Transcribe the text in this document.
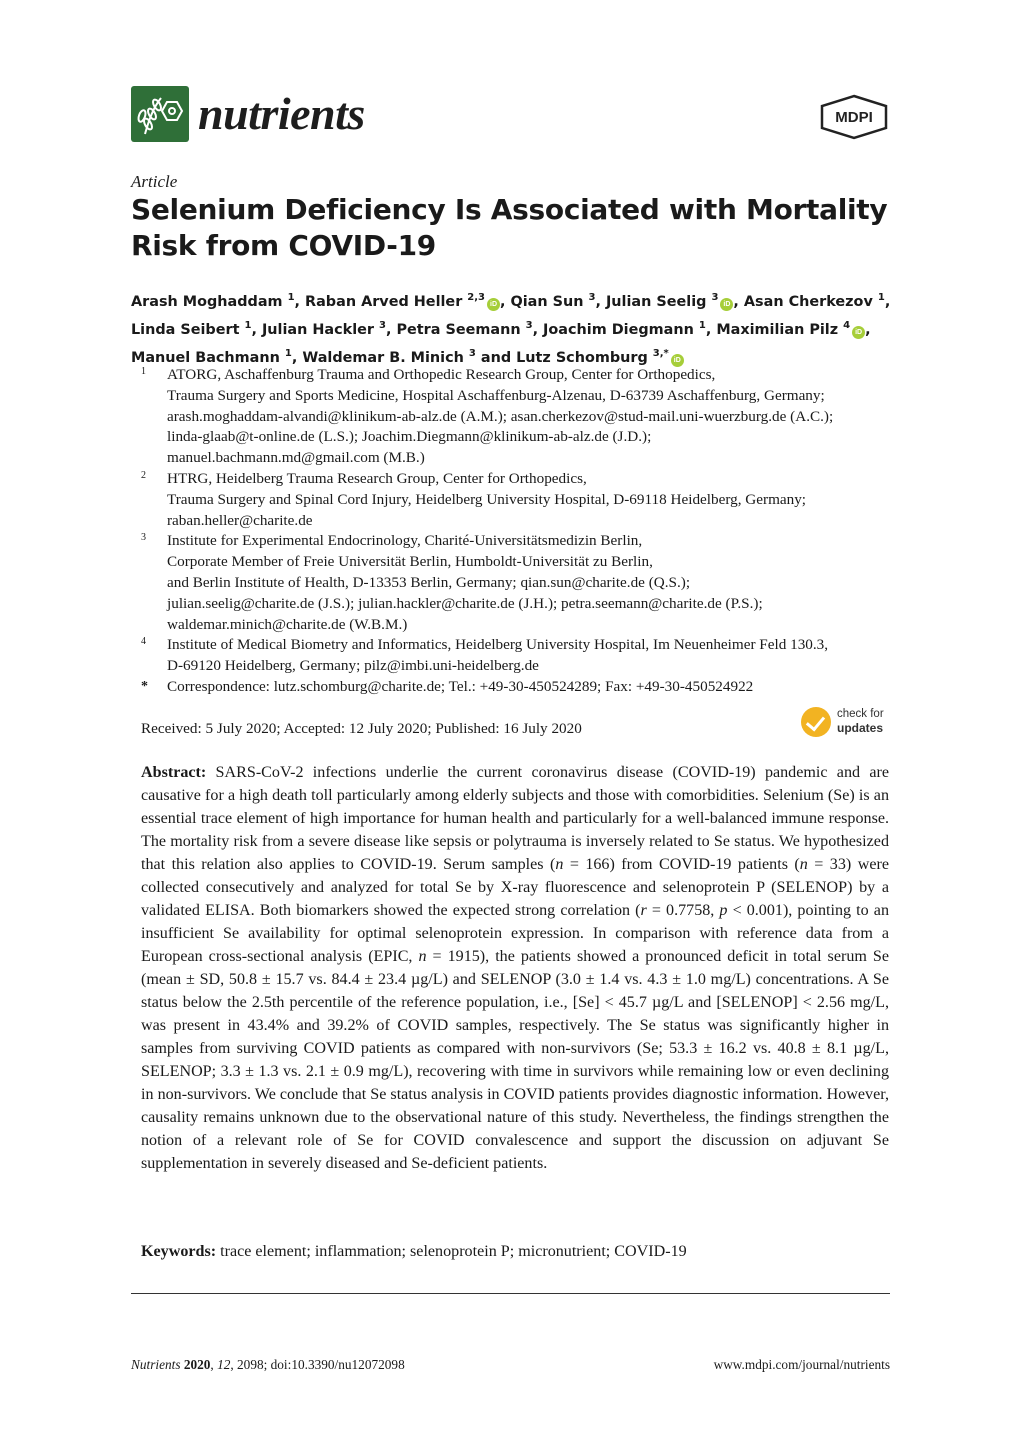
nutrients	MDPI
Article
Selenium Deficiency Is Associated with Mortality
Risk from COVID-19
Arash Moghaddam $^1$, Raban Arved Heller $^{2,3}$iD , Qian Sun $^3$, Julian Seelig $^3$iD , Asan Cherkezov $^1$,
Linda Seibert $^1$, Julian Hackler $^3$, Petra Seemann $^3$, Joachim Diegmann $^1$, Maximilian Pilz $^4$iD ,
Manuel Bachmann $^1$, Waldemar B. Minich $^3$ and Lutz Schomburg $^{3,*}$iD
1 ATORG, Aschaffenburg Trauma and Orthopedic Research Group, Center for Orthopedics,
Trauma Surgery and Sports Medicine, Hospital Aschaffenburg-Alzenau, D-63739 Aschaffenburg, Germany;
arash.moghaddam-alvandi@klinikum-ab-alz.de (A.M.); asan.cherkezov@stud-mail.uni-wuerzburg.de (A.C.);
linda-glaab@t-online.de (L.S.); Joachim.Diegmann@klinikum-ab-alz.de (J.D.);
manuel.bachmann.md@gmail.com (M.B.)
2 HTRG, Heidelberg Trauma Research Group, Center for Orthopedics,
Trauma Surgery and Spinal Cord Injury, Heidelberg University Hospital, D-69118 Heidelberg, Germany;
raban.heller@charite.de
3 Institute for Experimental Endocrinology, Charité-Universitätsmedizin Berlin,
Corporate Member of Freie Universität Berlin, Humboldt-Universität zu Berlin,
and Berlin Institute of Health, D-13353 Berlin, Germany; qian.sun@charite.de (Q.S.);
julian.seelig@charite.de (J.S.); julian.hackler@charite.de (J.H.); petra.seemann@charite.de (P.S.);
waldemar.minich@charite.de (W.B.M.)
4 Institute of Medical Biometry and Informatics, Heidelberg University Hospital, Im Neuenheimer Feld 130.3,
D-69120 Heidelberg, Germany; pilz@imbi.uni-heidelberg.de
* Correspondence: lutz.schomburg@charite.de; Tel.: +49-30-450524289; Fax: +49-30-450524922
Received: 5 July 2020; Accepted: 12 July 2020; Published: 16 July 2020
check for
updates

Abstract: SARS-CoV-2 infections underlie the current coronavirus disease (COVID-19) pandemic and are causative for a high death toll particularly among elderly subjects and those with comorbidities. Selenium (Se) is an essential trace element of high importance for human health and particularly for a well-balanced immune response. The mortality risk from a severe disease like sepsis or polytrauma is inversely related to Se status. We hypothesized that this relation also applies to COVID-19. Serum samples (n = 166) from COVID-19 patients (n = 33) were collected consecutively and analyzed for total Se by X-ray fluorescence and selenoprotein P (SELENOP) by a validated ELISA. Both biomarkers showed the expected strong correlation (r = 0.7758, p < 0.001), pointing to an insufficient Se availability for optimal selenoprotein expression. In comparison with reference data from a European cross-sectional analysis (EPIC, n = 1915), the patients showed a pronounced deficit in total serum Se (mean ± SD, 50.8 ± 15.7 vs. 84.4 ± 23.4 µg/L) and SELENOP (3.0 ± 1.4 vs. 4.3 ± 1.0 mg/L) concentrations. A Se status below the 2.5th percentile of the reference population, i.e., [Se] < 45.7 µg/L and [SELENOP] < 2.56 mg/L, was present in 43.4% and 39.2% of COVID samples, respectively. The Se status was significantly higher in samples from surviving COVID patients as compared with non-survivors (Se; 53.3 ± 16.2 vs. 40.8 ± 8.1 µg/L, SELENOP; 3.3 ± 1.3 vs. 2.1 ± 0.9 mg/L), recovering with time in survivors while remaining low or even declining in non-survivors. We conclude that Se status analysis in COVID patients provides diagnostic information. However, causality remains unknown due to the observational nature of this study. Nevertheless, the findings strengthen the notion of a relevant role of Se for COVID convalescence and support the discussion on adjuvant Se supplementation in severely diseased and Se-deficient patients.

Keywords: trace element; inflammation; selenoprotein P; micronutrient; COVID-19
Nutrients 2020, 12, 2098; doi:10.3390/nu12072098	www.mdpi.com/journal/nutrients
